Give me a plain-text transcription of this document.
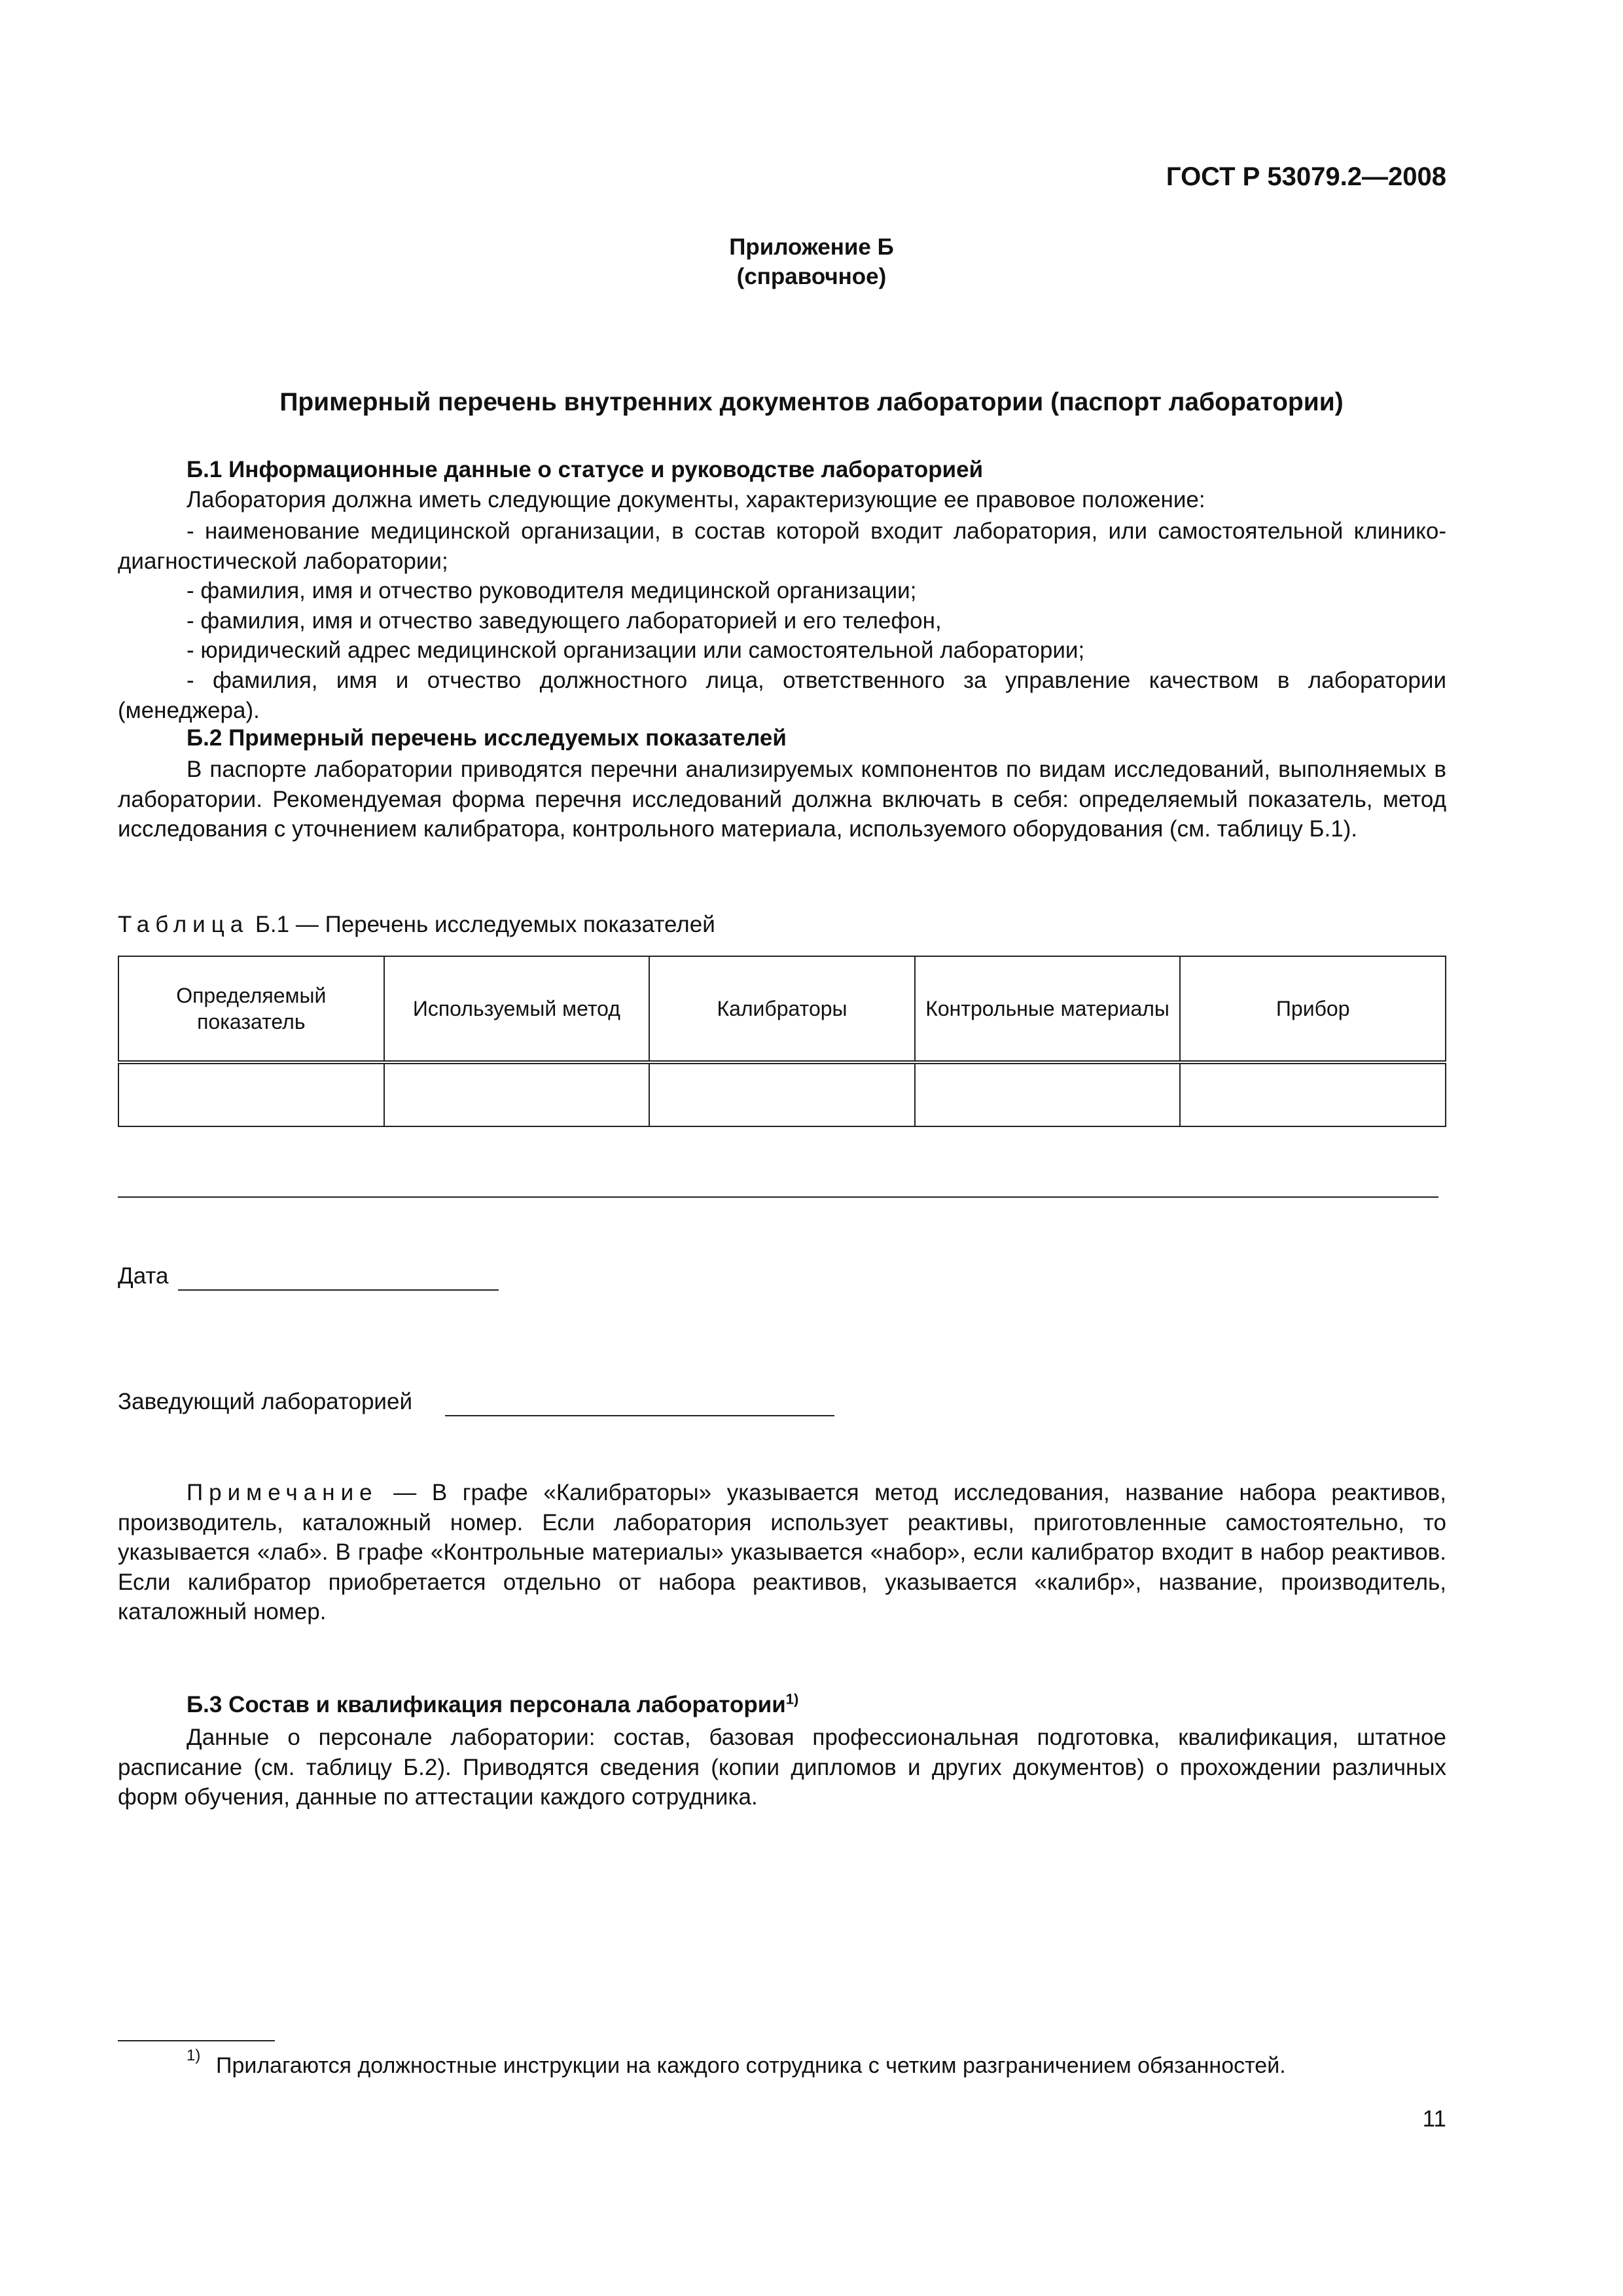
ГОСТ Р 53079.2—2008
Приложение Б
(справочное)
Примерный перечень внутренних документов лаборатории (паспорт лаборатории)
Б.1 Информационные данные о статусе и руководстве лабораторией
Лаборатория должна иметь следующие документы, характеризующие ее правовое положение:

- наименование медицинской организации, в состав которой входит лаборатория, или самостоятельной клинико-диагностической лаборатории;

- фамилия, имя и отчество руководителя медицинской организации;

- фамилия, имя и отчество заведующего лабораторией и его телефон,

- юридический адрес медицинской организации или самостоятельной лаборатории;

- фамилия, имя и отчество должностного лица, ответственного за управление качеством в лаборатории (менеджера).

Б.2 Примерный перечень исследуемых показателей

В паспорте лаборатории приводятся перечни анализируемых компонентов по видам исследований, выполняемых в лаборатории. Рекомендуемая форма перечня исследований должна включать в себя: определяемый показатель, метод исследования с уточнением калибратора, контрольного материала, используемого оборудования (см. таблицу Б.1).

Таблица Б.1 — Перечень исследуемых показателей
Определяемый показатель	Используемый метод	Калибраторы	Контрольные материалы	Прибор

Дата
Заведующий лабораторией

Примечание — В графе «Калибраторы» указывается метод исследования, название набора реактивов, производитель, каталожный номер. Если лаборатория использует реактивы, приготовленные самостоятельно, то указывается «лаб». В графе «Контрольные материалы» указывается «набор», если калибратор входит в набор реактивов. Если калибратор приобретается отдельно от набора реактивов, указывается «калибр», название, производитель, каталожный номер.

Б.3 Состав и квалификация персонала лаборатории$^{1)}$

Данные о персонале лаборатории: состав, базовая профессиональная подготовка, квалификация, штатное расписание (см. таблицу Б.2). Приводятся сведения (копии дипломов и других документов) о прохождении различных форм обучения, данные по аттестации каждого сотрудника.

1) Прилагаются должностные инструкции на каждого сотрудника с четким разграничением обязанностей.
11
